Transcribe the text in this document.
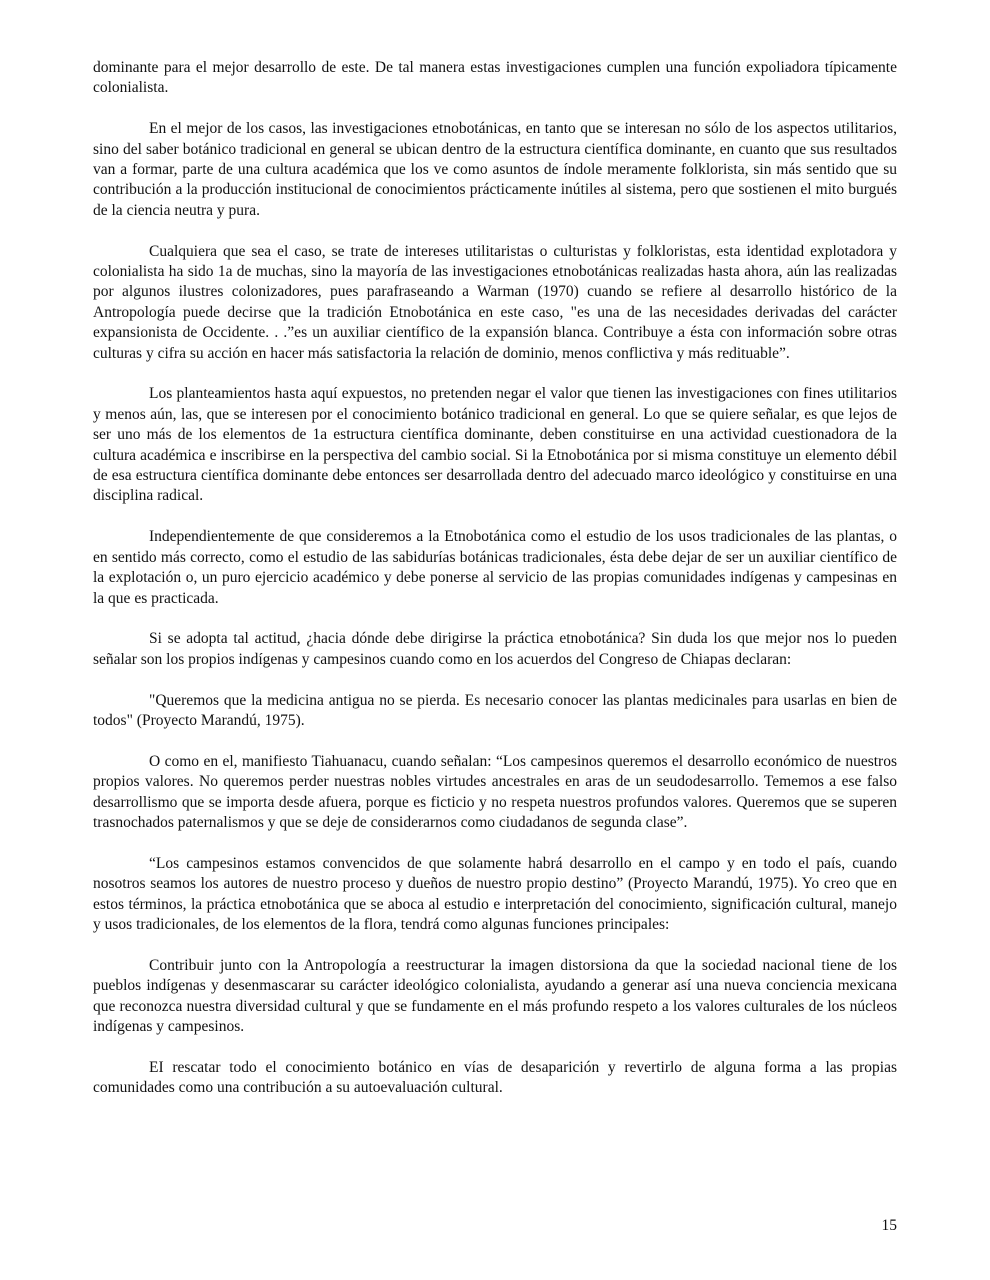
dominante para el mejor desarrollo de este. De tal manera estas investigaciones cumplen una función expoliadora típicamente colonialista.

En el mejor de los casos, las investigaciones etnobotánicas, en tanto que se interesan no sólo de los aspectos utilitarios, sino del saber botánico tradicional en general se ubican dentro de la estructura científica dominante, en cuanto que sus resultados van a formar, parte de una cultura académica que los ve como asuntos de índole meramente folklorista, sin más sentido que su contribución a la producción institucional de conocimientos prácticamente inútiles al sistema, pero que sostienen el mito burgués de la ciencia neutra y pura.

Cualquiera que sea el caso, se trate de intereses utilitaristas o culturistas y folkloristas, esta identidad explotadora y colonialista ha sido 1a de muchas, sino la mayoría de las investigaciones etnobotánicas realizadas hasta ahora, aún las realizadas por algunos ilustres colonizadores, pues parafraseando a Warman (1970) cuando se refiere al desarrollo histórico de la Antropología puede decirse que la tradición Etnobotánica en este caso, "es una de las necesidades derivadas del carácter expansionista de Occidente. . .”es un auxiliar científico de la expansión blanca. Contribuye a ésta con información sobre otras culturas y cifra su acción en hacer más satisfactoria la relación de dominio, menos conflictiva y más redituable”.

Los planteamientos hasta aquí expuestos, no pretenden negar el valor que tienen las investigaciones con fines utilitarios y menos aún, las, que se interesen por el conocimiento botánico tradicional en general. Lo que se quiere señalar, es que lejos de ser uno más de los elementos de 1a estructura científica dominante, deben constituirse en una actividad cuestionadora de la cultura académica e inscribirse en la perspectiva del cambio social. Si la Etnobotánica por si misma constituye un elemento débil de esa estructura científica dominante debe entonces ser desarrollada dentro del adecuado marco ideológico y constituirse en una disciplina radical.

Independientemente de que consideremos a la Etnobotánica como el estudio de los usos tradicionales de las plantas, o en sentido más correcto, como el estudio de las sabidurías botánicas tradicionales, ésta debe dejar de ser un auxiliar científico de la explotación o, un puro ejercicio académico y debe ponerse al servicio de las propias comunidades indígenas y campesinas en la que es practicada.

Si se adopta tal actitud, ¿hacia dónde debe dirigirse la práctica etnobotánica? Sin duda los que mejor nos lo pueden señalar son los propios indígenas y campesinos cuando como en los acuerdos del Congreso de Chiapas declaran:

"Queremos que la medicina antigua no se pierda. Es necesario conocer las plantas medicinales para usarlas en bien de todos" (Proyecto Marandú, 1975).

O como en el, manifiesto Tiahuanacu, cuando señalan: “Los campesinos queremos el desarrollo económico de nuestros propios valores. No queremos perder nuestras nobles virtudes ancestrales en aras de un seudodesarrollo. Tememos a ese falso desarrollismo que se importa desde afuera, porque es ficticio y no respeta nuestros profundos valores. Queremos que se superen trasnochados paternalismos y que se deje de considerarnos como ciudadanos de segunda clase”.

“Los campesinos estamos convencidos de que solamente habrá desarrollo en el campo y en todo el país, cuando nosotros seamos los autores de nuestro proceso y dueños de nuestro propio destino” (Proyecto Marandú, 1975). Yo creo que en estos términos, la práctica etnobotánica que se aboca al estudio e interpretación del conocimiento, significación cultural, manejo y usos tradicionales, de los elementos de la flora, tendrá como algunas funciones principales:

Contribuir junto con la Antropología a reestructurar la imagen distorsiona da que la sociedad nacional tiene de los pueblos indígenas y desenmascarar su carácter ideológico colonialista, ayudando a generar así una nueva conciencia mexicana que reconozca nuestra diversidad cultural y que se fundamente en el más profundo respeto a los valores culturales de los núcleos indígenas y campesinos.

EI rescatar todo el conocimiento botánico en vías de desaparición y revertirlo de alguna forma a las propias comunidades como una contribución a su autoevaluación cultural.

15
